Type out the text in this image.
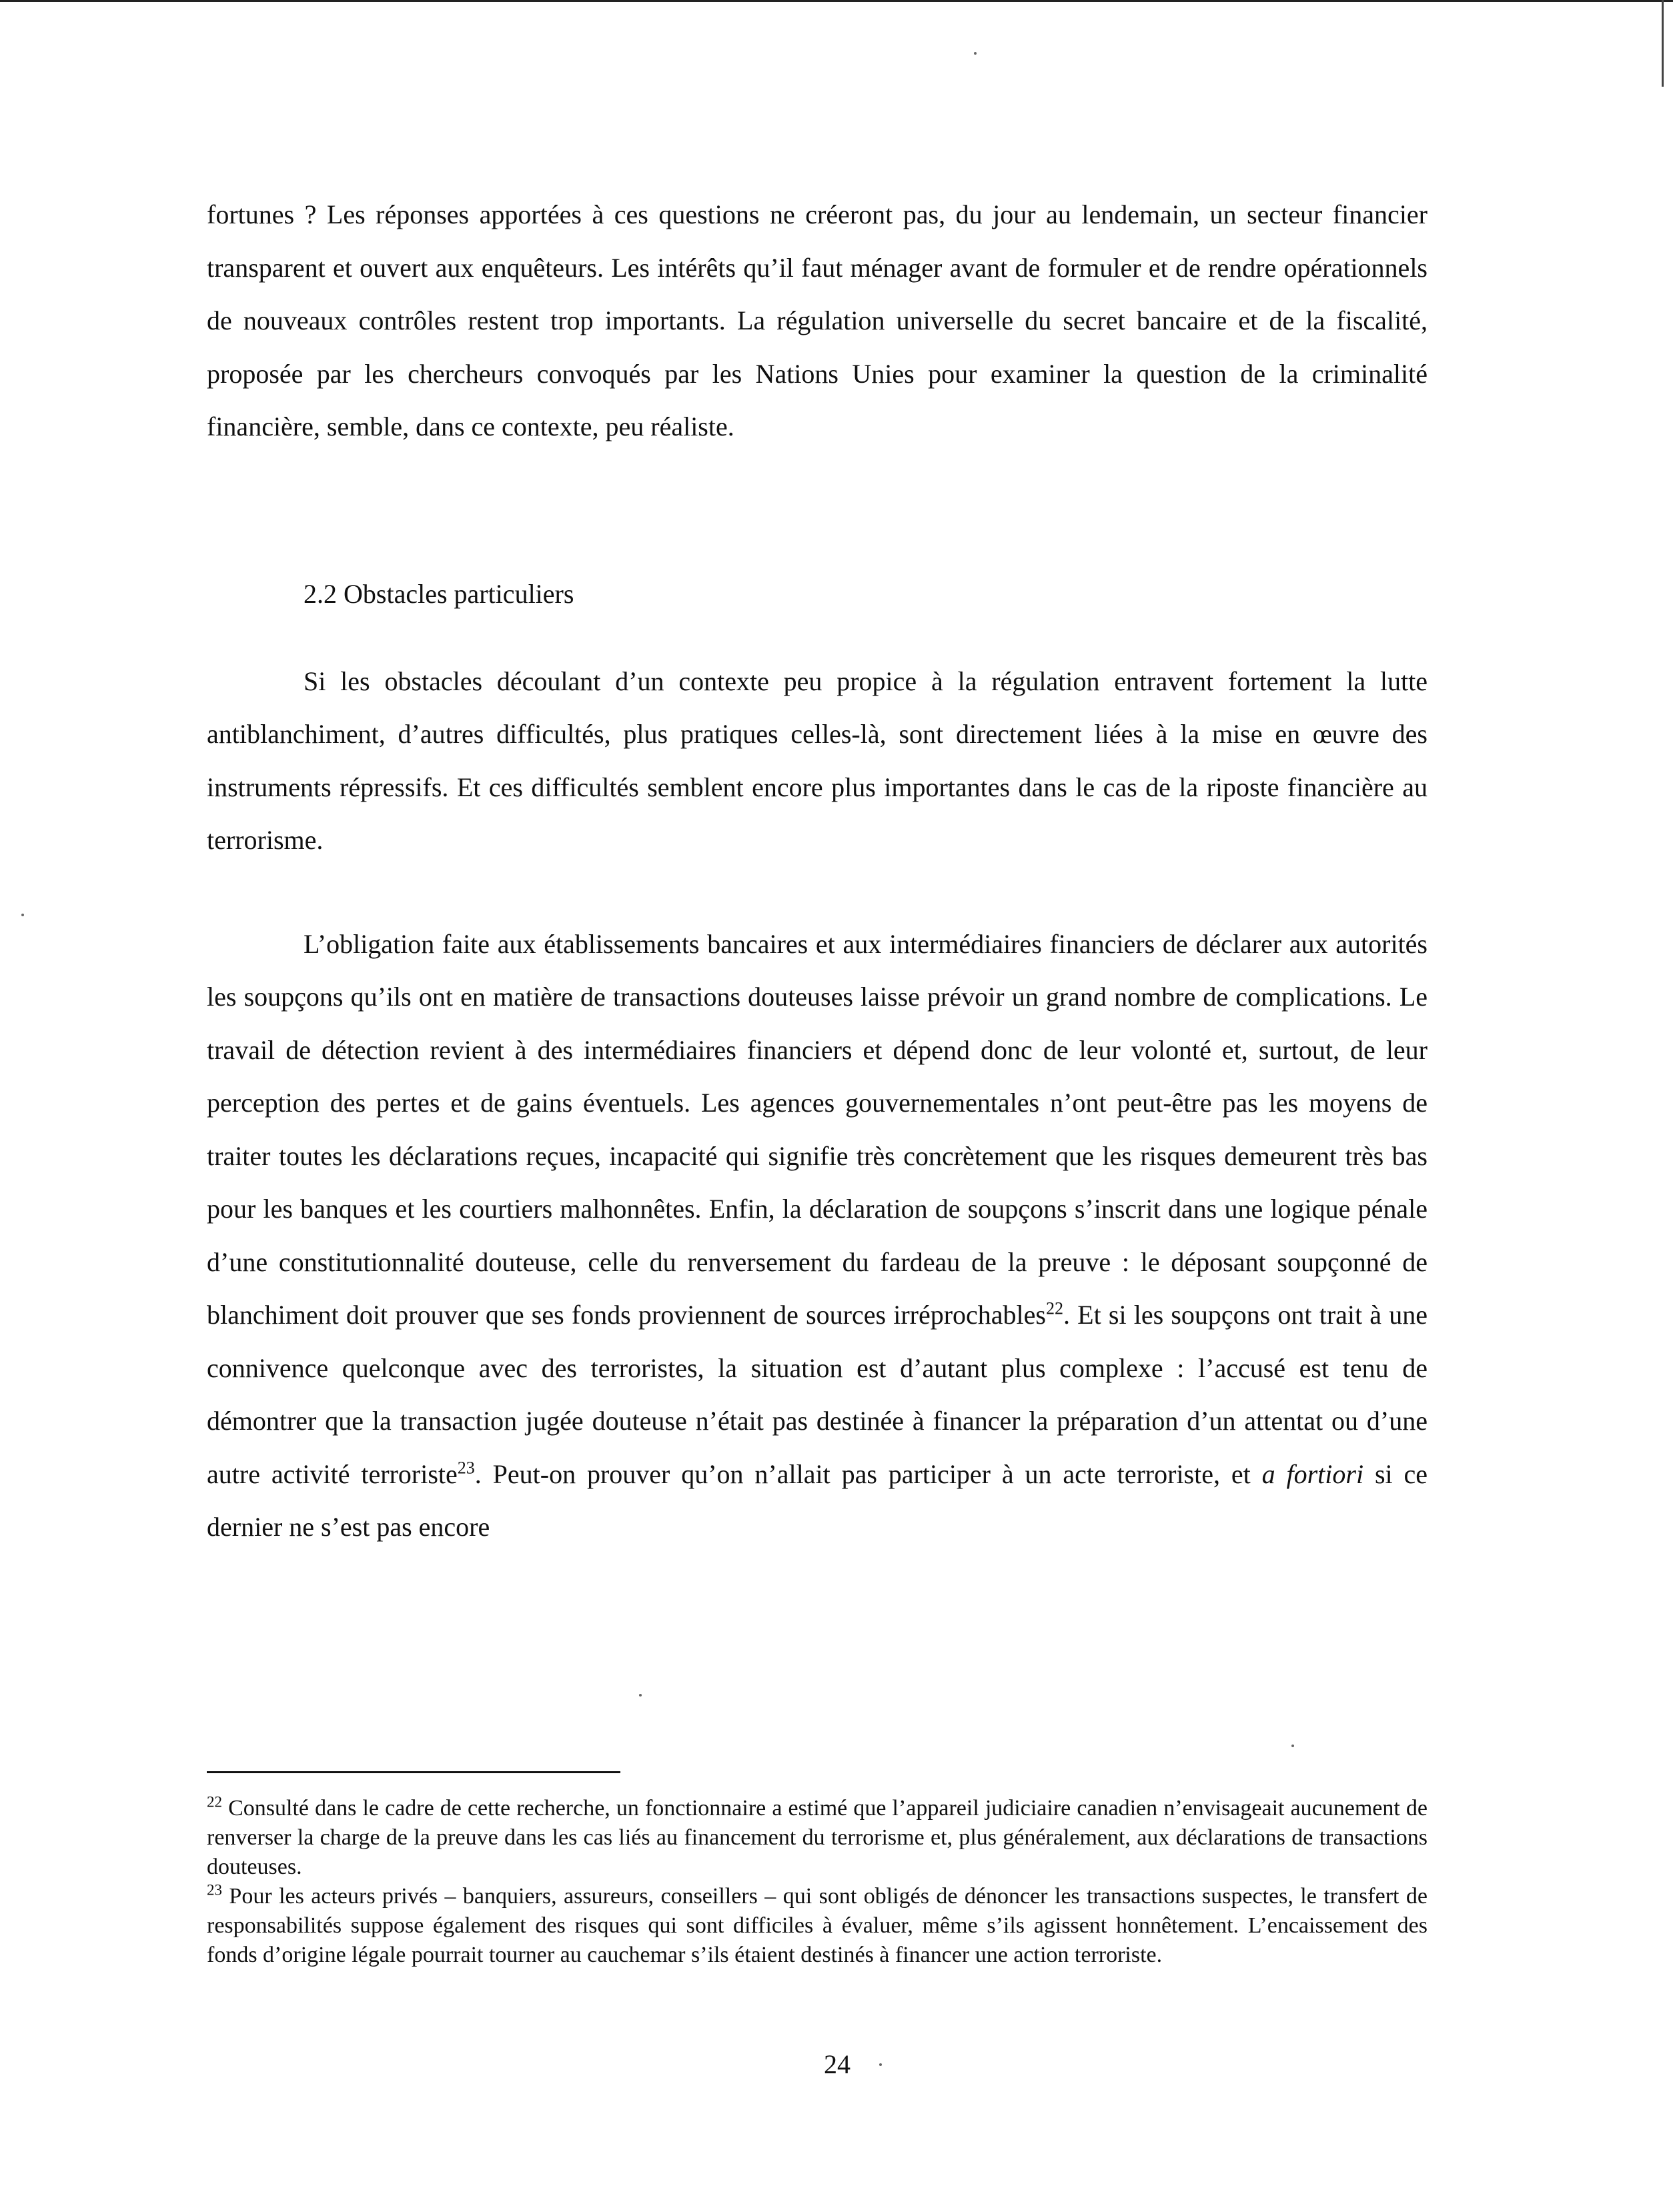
fortunes ? Les réponses apportées à ces questions ne créeront pas, du jour au lendemain, un secteur financier transparent et ouvert aux enquêteurs. Les intérêts qu’il faut ménager avant de formuler et de rendre opérationnels de nouveaux contrôles restent trop importants. La régulation universelle du secret bancaire et de la fiscalité, proposée par les chercheurs convoqués par les Nations Unies pour examiner la question de la criminalité financière, semble, dans ce contexte, peu réaliste.

2.2 Obstacles particuliers

Si les obstacles découlant d’un contexte peu propice à la régulation entravent fortement la lutte antiblanchiment, d’autres difficultés, plus pratiques celles-là, sont directement liées à la mise en œuvre des instruments répressifs. Et ces difficultés semblent encore plus importantes dans le cas de la riposte financière au terrorisme.

L’obligation faite aux établissements bancaires et aux intermédiaires financiers de déclarer aux autorités les soupçons qu’ils ont en matière de transactions douteuses laisse prévoir un grand nombre de complications. Le travail de détection revient à des intermédiaires financiers et dépend donc de leur volonté et, surtout, de leur perception des pertes et de gains éventuels. Les agences gouvernementales n’ont peut-être pas les moyens de traiter toutes les déclarations reçues, incapacité qui signifie très concrètement que les risques demeurent très bas pour les banques et les courtiers malhonnêtes. Enfin, la déclaration de soupçons s’inscrit dans une logique pénale d’une constitutionnalité douteuse, celle du renversement du fardeau de la preuve : le déposant soupçonné de blanchiment doit prouver que ses fonds proviennent de sources irréprochables$^{22}$. Et si les soupçons ont trait à une connivence quelconque avec des terroristes, la situation est d’autant plus complexe : l’accusé est tenu de démontrer que la transaction jugée douteuse n’était pas destinée à financer la préparation d’un attentat ou d’une autre activité terroriste$^{23}$. Peut-on prouver qu’on n’allait pas participer à un acte terroriste, et a fortiori si ce dernier ne s’est pas encore

$^{22}$ Consulté dans le cadre de cette recherche, un fonctionnaire a estimé que l’appareil judiciaire canadien n’envisageait aucunement de renverser la charge de la preuve dans les cas liés au financement du terrorisme et, plus généralement, aux déclarations de transactions douteuses.

$^{23}$ Pour les acteurs privés – banquiers, assureurs, conseillers – qui sont obligés de dénoncer les transactions suspectes, le transfert de responsabilités suppose également des risques qui sont difficiles à évaluer, même s’ils agissent honnêtement. L’encaissement des fonds d’origine légale pourrait tourner au cauchemar s’ils étaient destinés à financer une action terroriste.

24
